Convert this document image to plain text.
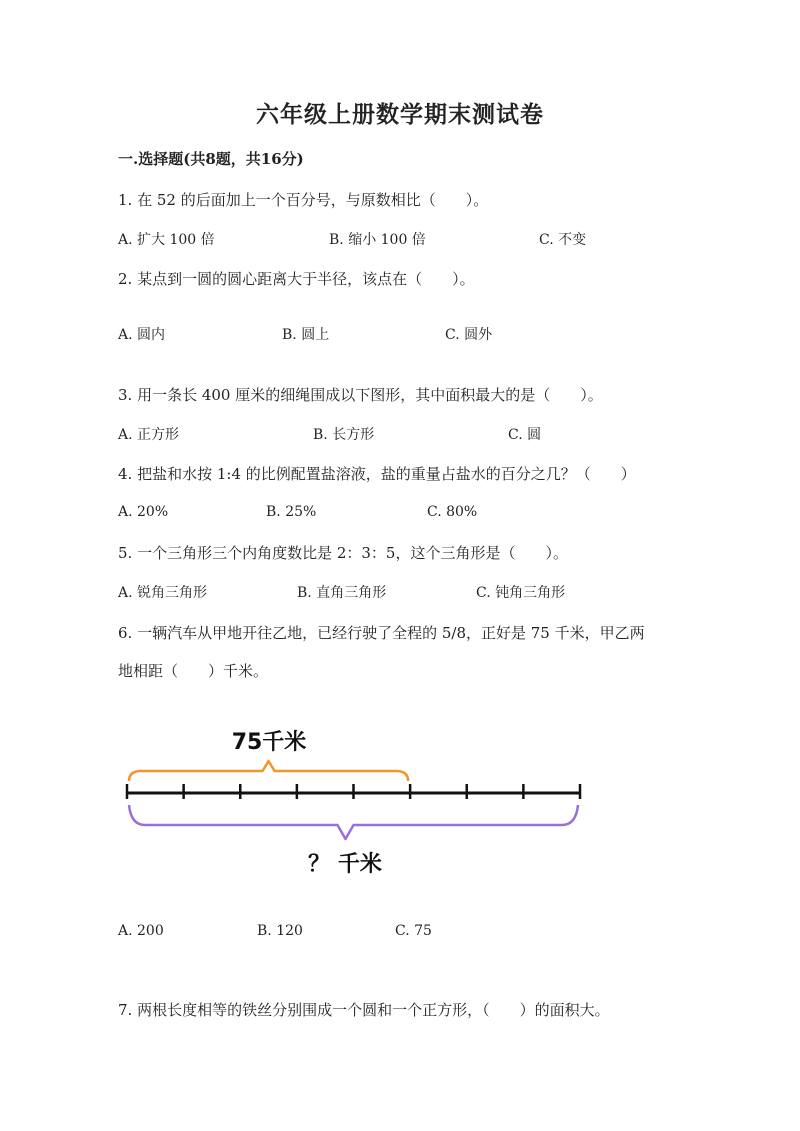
六年级上册数学期末测试卷
一.选择题(共8题，共16分)
1. 在 52 的后面加上一个百分号，与原数相比（　　）。
A. 扩大 100 倍	B. 缩小 100 倍	C. 不变
2. 某点到一圆的圆心距离大于半径，该点在（　　）。
A. 圆内	B. 圆上	C. 圆外
3. 用一条长 400 厘米的细绳围成以下图形，其中面积最大的是（　　）。
A. 正方形	B. 长方形	C. 圆
4. 把盐和水按 1:4 的比例配置盐溶液，盐的重量占盐水的百分之几？（　　）
A. 20%	B. 25%	C. 80%
5. 一个三角形三个内角度数比是 2：3：5，这个三角形是（　　）。
A. 锐角三角形	B. 直角三角形	C. 钝角三角形
6. 一辆汽车从甲地开往乙地，已经行驶了全程的 5/8，正好是 75 千米，甲乙两
地相距（　　）千米。
75千米
？ 千米
A. 200	B. 120	C. 75
7. 两根长度相等的铁丝分别围成一个圆和一个正方形，（　　）的面积大。
